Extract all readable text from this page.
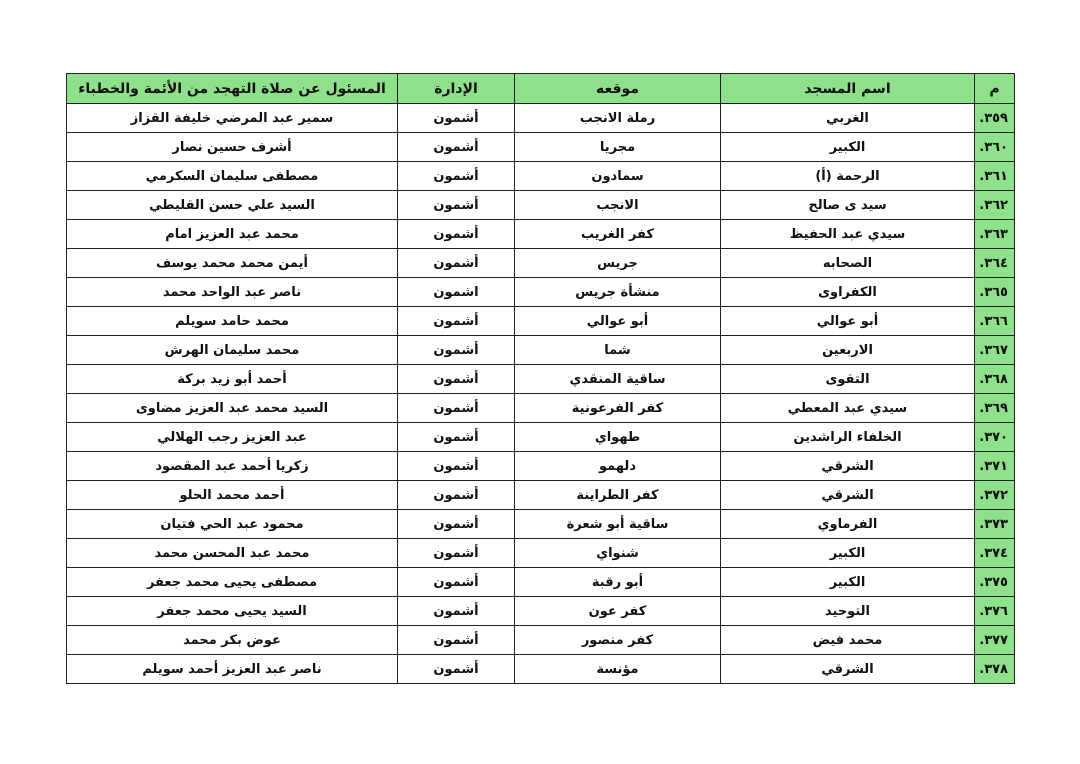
م	اسم المسجد	موقعه	الإدارة	المسئول عن صلاة التهجد من الأئمة والخطباء
٣٥٩.	الغربي	رملة الانجب	أشمون	سمير عبد المرضي خليفة القزاز
٣٦٠.	الكبير	مجريا	أشمون	أشرف حسين نصار
٣٦١.	الرحمة (أ)	سمادون	أشمون	مصطفى سليمان السكرمي
٣٦٢.	سيد ى صالح	الانجب	أشمون	السيد علي حسن القليطي
٣٦٣.	سيدي عبد الحفيظ	كفر الغريب	أشمون	محمد عبد العزيز امام
٣٦٤.	الصحابه	جريس	أشمون	أيمن محمد محمد يوسف
٣٦٥.	الكفراوى	منشأة جريس	اشمون	ناصر عبد الواحد محمد
٣٦٦.	أبو عوالي	أبو عوالي	أشمون	محمد حامد سويلم
٣٦٧.	الاربعين	شما	أشمون	محمد سليمان الهرش
٣٦٨.	التقوى	ساقية المنقدي	أشمون	أحمد أبو زيد بركة
٣٦٩.	سيدي عبد المعطي	كفر الفرعونية	أشمون	السيد محمد عبد العزيز مضاوى
٣٧٠.	الخلفاء الراشدين	طهواي	أشمون	عبد العزيز رجب الهلالي
٣٧١.	الشرقي	دلهمو	أشمون	زكريا أحمد عبد المقصود
٣٧٢.	الشرقي	كفر الطراينة	أشمون	أحمد محمد الحلو
٣٧٣.	الفرماوي	ساقية أبو شعرة	أشمون	محمود عبد الحي فتيان
٣٧٤.	الكبير	شنواي	أشمون	محمد عبد المحسن محمد
٣٧٥.	الكبير	أبو رقبة	أشمون	مصطفى يحيى محمد جعفر
٣٧٦.	التوحيد	كفر عون	أشمون	السيد يحيى محمد جعفر
٣٧٧.	محمد فيض	كفر منصور	أشمون	عوض بكر محمد
٣٧٨.	الشرقي	مؤنسة	أشمون	ناصر عبد العزيز أحمد سويلم
